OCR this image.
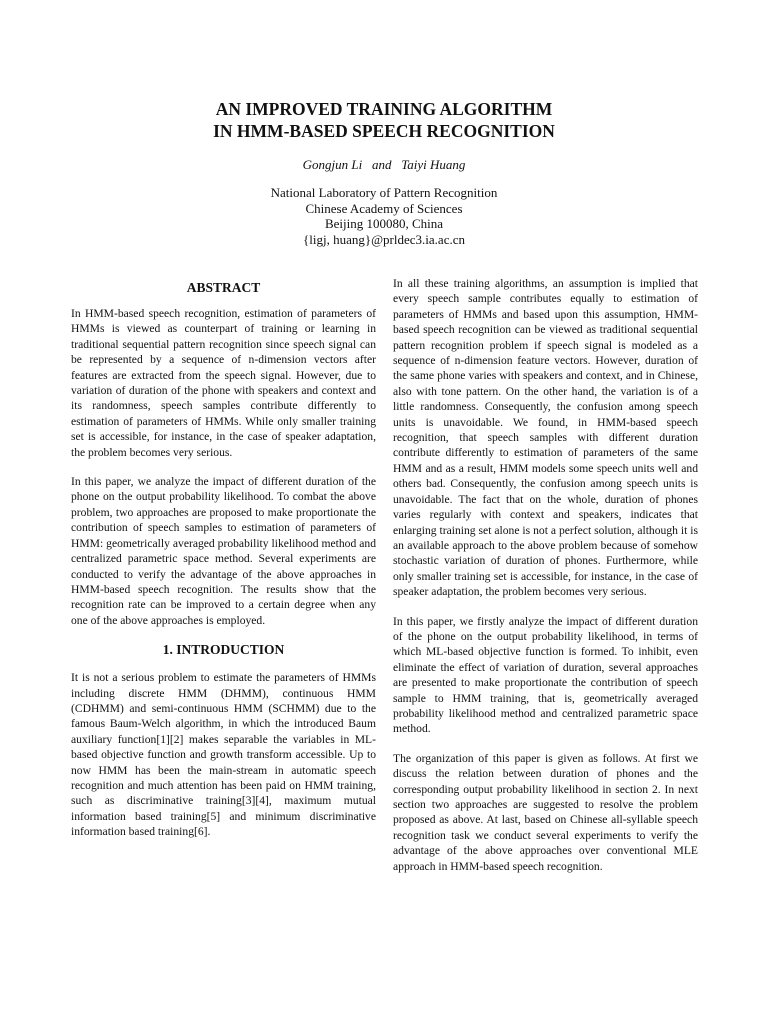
AN IMPROVED TRAINING ALGORITHM
IN HMM-BASED SPEECH RECOGNITION
Gongjun Li   and   Taiyi Huang
National Laboratory of Pattern Recognition
Chinese Academy of Sciences
Beijing 100080, China
{ligj, huang}@prldec3.ia.ac.cn
ABSTRACT

In HMM-based speech recognition, estimation of parameters of HMMs is viewed as counterpart of training or learning in traditional sequential pattern recognition since speech signal can be represented by a sequence of n-dimension vectors after features are extracted from the speech signal. However, due to variation of duration of the phone with speakers and context and its randomness, speech samples contribute differently to estimation of parameters of HMMs. While only smaller training set is accessible, for instance, in the case of speaker adaptation, the problem becomes very serious.

In this paper, we analyze the impact of different duration of the phone on the output probability likelihood. To combat the above problem, two approaches are proposed to make proportionate the contribution of speech samples to estimation of parameters of HMM: geometrically averaged probability likelihood method and centralized parametric space method. Several experiments are conducted to verify the advantage of the above approaches in HMM-based speech recognition. The results show that the recognition rate can be improved to a certain degree when any one of the above approaches is employed.

1. INTRODUCTION

It is not a serious problem to estimate the parameters of HMMs including discrete HMM (DHMM), continuous HMM (CDHMM) and semi-continuous HMM (SCHMM) due to the famous Baum-Welch algorithm, in which the introduced Baum auxiliary function[1][2] makes separable the variables in ML-based objective function and growth transform accessible. Up to now HMM has been the main-stream in automatic speech recognition and much attention has been paid on HMM training, such as discriminative training[3][4], maximum mutual information based training[5] and minimum discriminative information based training[6].

In all these training algorithms, an assumption is implied that every speech sample contributes equally to estimation of parameters of HMMs and based upon this assumption, HMM-based speech recognition can be viewed as traditional sequential pattern recognition problem if speech signal is modeled as a sequence of n-dimension feature vectors. However, duration of the same phone varies with speakers and context, and in Chinese, also with tone pattern. On the other hand, the variation is of a little randomness. Consequently, the confusion among speech units is unavoidable. We found, in HMM-based speech recognition, that speech samples with different duration contribute differently to estimation of parameters of the same HMM and as a result, HMM models some speech units well and others bad. Consequently, the confusion among speech units is unavoidable. The fact that on the whole, duration of phones varies regularly with context and speakers, indicates that enlarging training set alone is not a perfect solution, although it is an available approach to the above problem because of somehow stochastic variation of duration of phones. Furthermore, while only smaller training set is accessible, for instance, in the case of speaker adaptation, the problem becomes very serious.

In this paper, we firstly analyze the impact of different duration of the phone on the output probability likelihood, in terms of which ML-based objective function is formed. To inhibit, even eliminate the effect of variation of duration, several approaches are presented to make proportionate the contribution of speech sample to HMM training, that is, geometrically averaged probability likelihood method and centralized parametric space method.

The organization of this paper is given as follows. At first we discuss the relation between duration of phones and the corresponding output probability likelihood in section 2. In next section two approaches are suggested to resolve the problem proposed as above. At last, based on Chinese all-syllable speech recognition task we conduct several experiments to verify the advantage of the above approaches over conventional MLE approach in HMM-based speech recognition.
